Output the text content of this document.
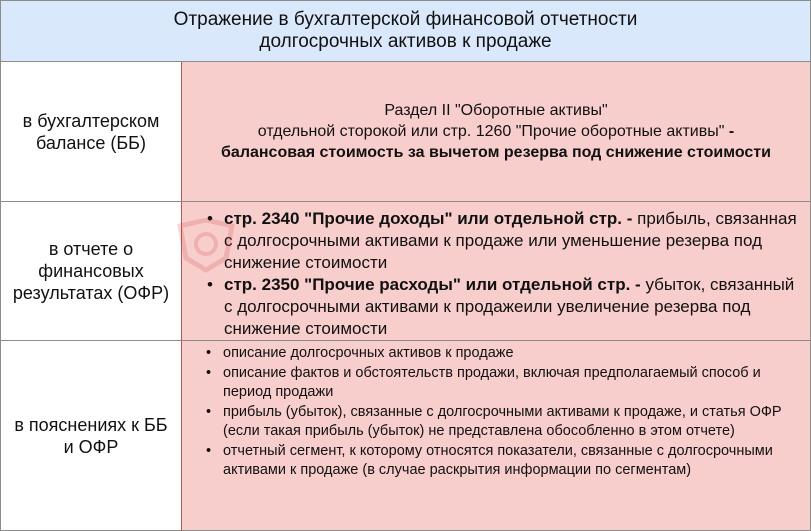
Отражение в бухгалтерской финансовой отчетности
долгосрочных активов к продаже
в бухгалтерском балансе (ББ)
Раздел II "Оборотные активы"
отдельной сторокой или стр. 1260 "Прочие оборотные активы" -
балансовая стоимость за вычетом резерва под снижение стоимости
в отчете о финансовых результатах (ОФР)
• стр. 2340 "Прочие доходы" или отдельной стр. - прибыль, связанная с долгосрочными активами к продаже или уменьшение резерва под снижение стоимости
• стр. 2350 "Прочие расходы" или отдельной стр. - убыток, связанный с долгосрочными активами к продажеили увеличение резерва под снижение стоимости
в пояснениях к ББ и ОФР
• описание долгосрочных активов к продаже
• описание фактов и обстоятельств продажи, включая предполагаемый способ и период продажи
• прибыль (убыток), связанные с долгосрочными активами к продаже, и статья ОФР (если такая прибыль (убыток) не представлена обособленно в этом отчете)
• отчетный сегмент, к которому относятся показатели, связанные с долгосрочными активами к продаже (в случае раскрытия информации по сегментам)
